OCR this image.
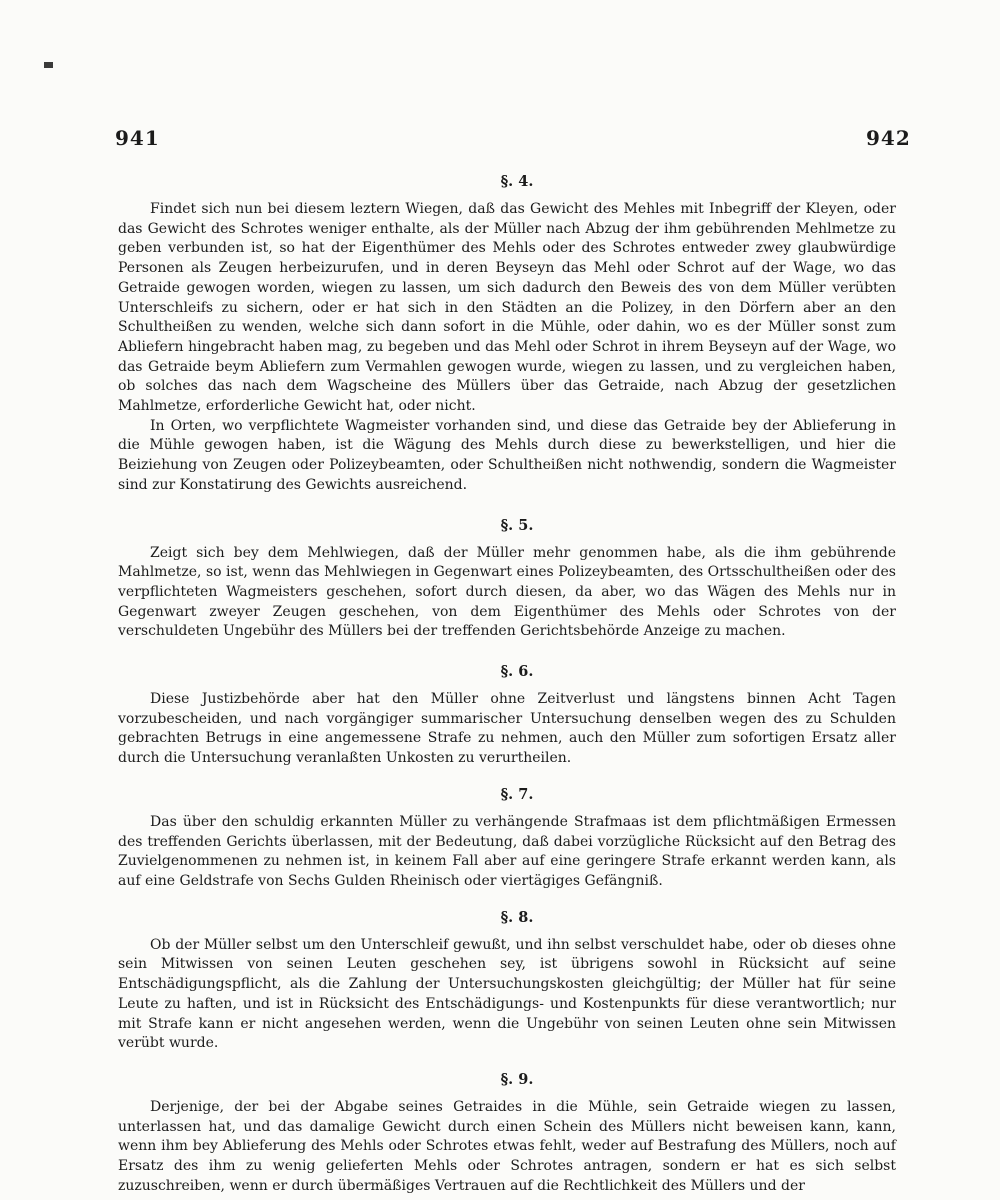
941	942
§. 4.

Findet sich nun bei diesem leztern Wiegen, daß das Gewicht des Mehles mit Inbegriff der Kleyen, oder das Gewicht des Schrotes weniger enthalte, als der Müller nach Abzug der ihm gebührenden Mehlmetze zu geben verbunden ist, so hat der Eigenthümer des Mehls oder des Schrotes entweder zwey glaubwürdige Personen als Zeugen herbeizurufen, und in deren Beyseyn das Mehl oder Schrot auf der Wage, wo das Getraide gewogen worden, wiegen zu lassen, um sich dadurch den Beweis des von dem Müller verübten Unterschleifs zu sichern, oder er hat sich in den Städten an die Polizey, in den Dörfern aber an den Schultheißen zu wenden, welche sich dann sofort in die Mühle, oder dahin, wo es der Müller sonst zum Abliefern hingebracht haben mag, zu begeben und das Mehl oder Schrot in ihrem Beyseyn auf der Wage, wo das Getraide beym Abliefern zum Vermahlen gewogen wurde, wiegen zu lassen, und zu vergleichen haben, ob solches das nach dem Wagscheine des Müllers über das Getraide, nach Abzug der gesetzlichen Mahlmetze, erforderliche Gewicht hat, oder nicht.

In Orten, wo verpflichtete Wagmeister vorhanden sind, und diese das Getraide bey der Ablieferung in die Mühle gewogen haben, ist die Wägung des Mehls durch diese zu bewerkstelligen, und hier die Beiziehung von Zeugen oder Polizeybeamten, oder Schultheißen nicht nothwendig, sondern die Wagmeister sind zur Konstatirung des Gewichts ausreichend.

§. 5.

Zeigt sich bey dem Mehlwiegen, daß der Müller mehr genommen habe, als die ihm gebührende Mahlmetze, so ist, wenn das Mehlwiegen in Gegenwart eines Polizeybeamten, des Ortsschultheißen oder des verpflichteten Wagmeisters geschehen, sofort durch diesen, da aber, wo das Wägen des Mehls nur in Gegenwart zweyer Zeugen geschehen, von dem Eigenthümer des Mehls oder Schrotes von der verschuldeten Ungebühr des Müllers bei der treffenden Gerichtsbehörde Anzeige zu machen.

§. 6.

Diese Justizbehörde aber hat den Müller ohne Zeitverlust und längstens binnen Acht Tagen vorzubescheiden, und nach vorgängiger summarischer Untersuchung denselben wegen des zu Schulden gebrachten Betrugs in eine angemessene Strafe zu nehmen, auch den Müller zum sofortigen Ersatz aller durch die Untersuchung veranlaßten Unkosten zu verurtheilen.

§. 7.

Das über den schuldig erkannten Müller zu verhängende Strafmaas ist dem pflichtmäßigen Ermessen des treffenden Gerichts überlassen, mit der Bedeutung, daß dabei vorzügliche Rücksicht auf den Betrag des Zuvielgenommenen zu nehmen ist, in keinem Fall aber auf eine geringere Strafe erkannt werden kann, als auf eine Geldstrafe von Sechs Gulden Rheinisch oder viertägiges Gefängniß.

§. 8.

Ob der Müller selbst um den Unterschleif gewußt, und ihn selbst verschuldet habe, oder ob dieses ohne sein Mitwissen von seinen Leuten geschehen sey, ist übrigens sowohl in Rücksicht auf seine Entschädigungspflicht, als die Zahlung der Untersuchungskosten gleichgültig; der Müller hat für seine Leute zu haften, und ist in Rücksicht des Entschädigungs- und Kostenpunkts für diese verantwortlich; nur mit Strafe kann er nicht angesehen werden, wenn die Ungebühr von seinen Leuten ohne sein Mitwissen verübt wurde.

§. 9.

Derjenige, der bei der Abgabe seines Getraides in die Mühle, sein Getraide wiegen zu lassen, unterlassen hat, und das damalige Gewicht durch einen Schein des Müllers nicht beweisen kann, kann, wenn ihm bey Ablieferung des Mehls oder Schrotes etwas fehlt, weder auf Bestrafung des Müllers, noch auf Ersatz des ihm zu wenig gelieferten Mehls oder Schrotes antragen, sondern er hat es sich selbst zuzuschreiben, wenn er durch übermäßiges Vertrauen auf die Rechtlichkeit des Müllers und der
